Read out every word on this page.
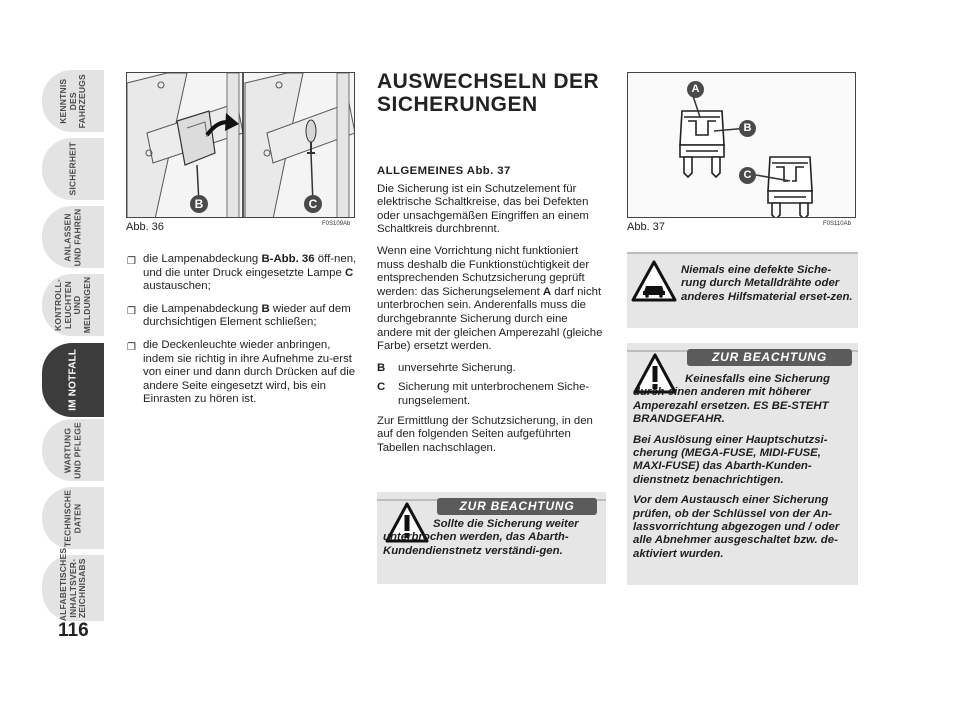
KENNTNIS DES
FAHRZEUGS
SICHERHEIT
ANLASSEN
UND FAHREN
KONTROLL-
LEUCHTEN UND
MELDUNGEN
IM NOTFALL
WARTUNG
UND PFLEGE
TECHNISCHE
DATEN
ALFABETISCHES
INHALTSVER-
ZEICHNISABS
116
B	C
Abb. 36	F0S109Ab
❐ die Lampenabdeckung B-Abb. 36 öff-nen, und die unter Druck eingesetzte Lampe C austauschen;
❐ die Lampenabdeckung B wieder auf dem durchsichtigen Element schließen;
❐ die Deckenleuchte wieder anbringen, indem sie richtig in ihre Aufnehme zu-erst von einer und dann durch Drücken auf die andere Seite eingesetzt wird, bis ein Einrasten zu hören ist.
AUSWECHSELN DER
SICHERUNGEN
ALLGEMEINES Abb. 37

Die Sicherung ist ein Schutzelement für elektrische Schaltkreise, das bei Defekten oder unsachgemäßen Eingriffen an einem Schaltkreis durchbrennt.

Wenn eine Vorrichtung nicht funktioniert muss deshalb die Funktionstüchtigkeit der entsprechenden Schutzsicherung geprüft werden: das Sicherungselement A darf nicht unterbrochen sein. Anderenfalls muss die durchgebrannte Sicherung durch eine andere mit der gleichen Amperezahl (gleiche Farbe) ersetzt werden.

B unversehrte Sicherung.
C Sicherung mit unterbrochenem Siche-rungselement.

Zur Ermittlung der Schutzsicherung, in den auf den folgenden Seiten aufgeführten Tabellen nachschlagen.

ZUR BEACHTUNG
Sollte die Sicherung weiter unterbrochen werden, das Abarth-Kundendienstnetz verständi-gen.
A
B
C
Abb. 37	F0S110Ab
Niemals eine defekte Siche-rung durch Metalldrähte oder anderes Hilfsmaterial erset-zen.
ZUR BEACHTUNG

Keinesfalls eine Sicherung durch einen anderen mit höherer Amperezahl ersetzen. ES BE-STEHT BRANDGEFAHR.

Bei Auslösung einer Hauptschutzsi-cherung (MEGA-FUSE, MIDI-FUSE, MAXI-FUSE) das Abarth-Kunden-dienstnetz benachrichtigen.

Vor dem Austausch einer Sicherung prüfen, ob der Schlüssel von der An-lassvorrichtung abgezogen und / oder alle Abnehmer ausgeschaltet bzw. de-aktiviert wurden.
